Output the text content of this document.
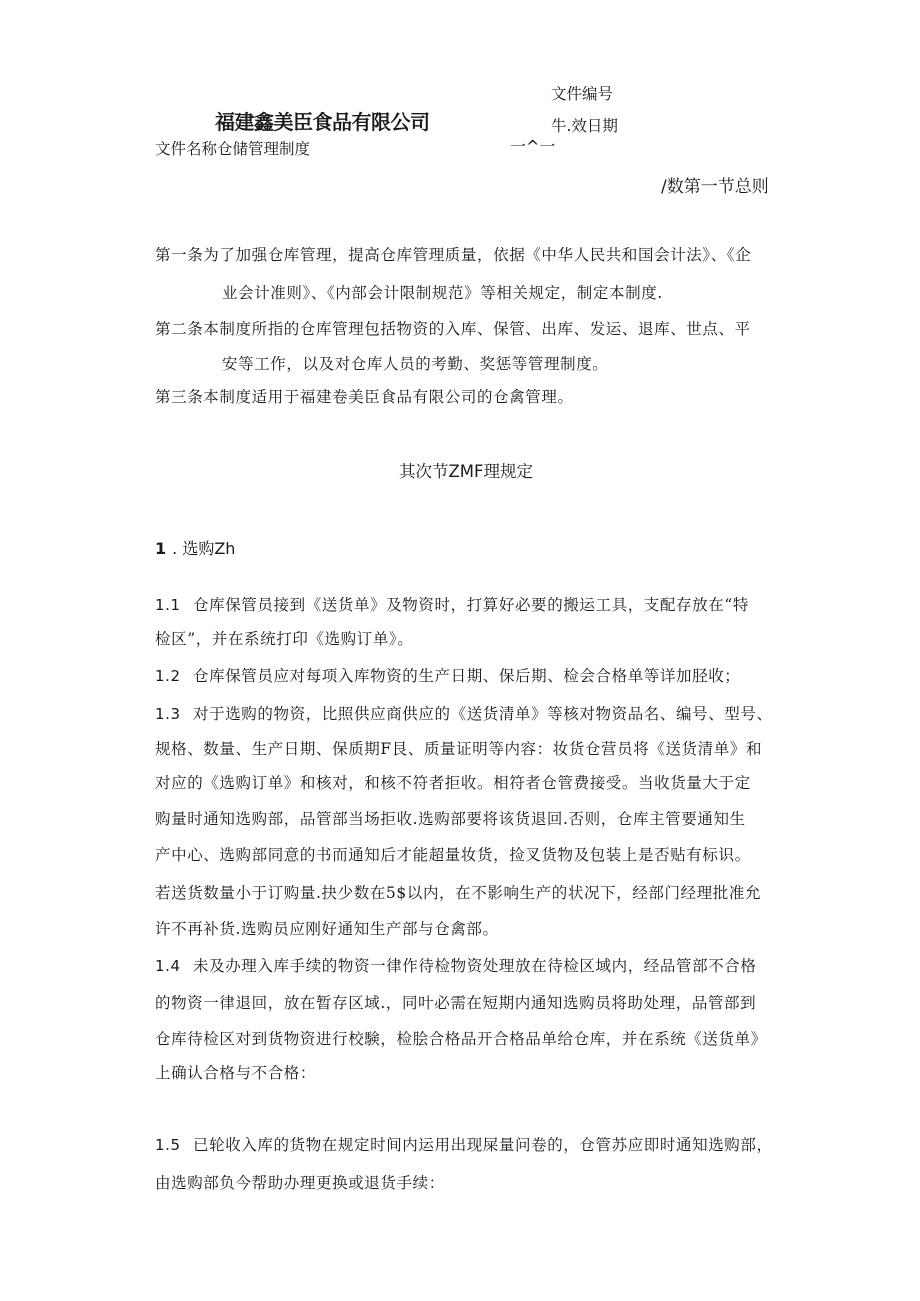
文件编号
福建鑫美臣食品有限公司	牛.效日期
文件名称仓储管理制度	一^一
/数第一节总则
第一条为了加强仓库管理，提高仓库管理质量，依据《中华人民共和国会计法》、《企
业会计准则》、《内部会计限制规范》等相关规定，制定本制度.
第二条本制度所指的仓库管理包括物资的入库、保管、出库、发运、退库、世点、平
安等工作，以及对仓库人员的考勤、奖惩等管理制度。
第三条本制度适用于福建卷美臣食品有限公司的仓禽管理。
其次节ZMF理规定
1 . 选购Zh
1.1 仓库保管员接到《送货单》及物资时，打算好必要的搬运工具，支配存放在“特
检区”，并在系统打印《选购订单》。
1.2 仓库保管员应对每项入库物资的生产日期、保后期、检会合格单等详加胫收；
1.3 对于选购的物资，比照供应商供应的《送货清单》等核对物资品名、编号、型号、
规格、数量、生产日期、保质期F艮、质量证明等内容：妆货仓营员将《送货清单》和
对应的《选购订单》和核对，和核不符者拒收。相符者仓管费接受。当收货量大于定
购量时通知选购部，品管部当场拒收.选购部要将该货退回.否则，仓库主管要通知生
产中心、选购部同意的书而通知后才能超量妆货，捡叉货物及包装上是否贴有标识。
若送货数量小于订购量.抉少数在5$以内，在不影响生产的状况下，经部门经理批准允
许不再补货.选购员应刚好通知生产部与仓禽部。
1.4 未及办理入库手续的物资一律作待检物资处理放在待检区域内，经品管部不合格
的物资一律退回，放在暂存区域.，同叶必需在短期内通知选购员将助处理，品管部到
仓库待检区对到货物资进行校験，检脍合格品开合格品单给仓库，并在系统《送货单》
上确认合格与不合格：
1.5 已轮收入库的货物在规定时间内运用出现屎量问卷的，仓管苏应即时通知选购部，
由选购部负今帮助办理更换或退货手续：
